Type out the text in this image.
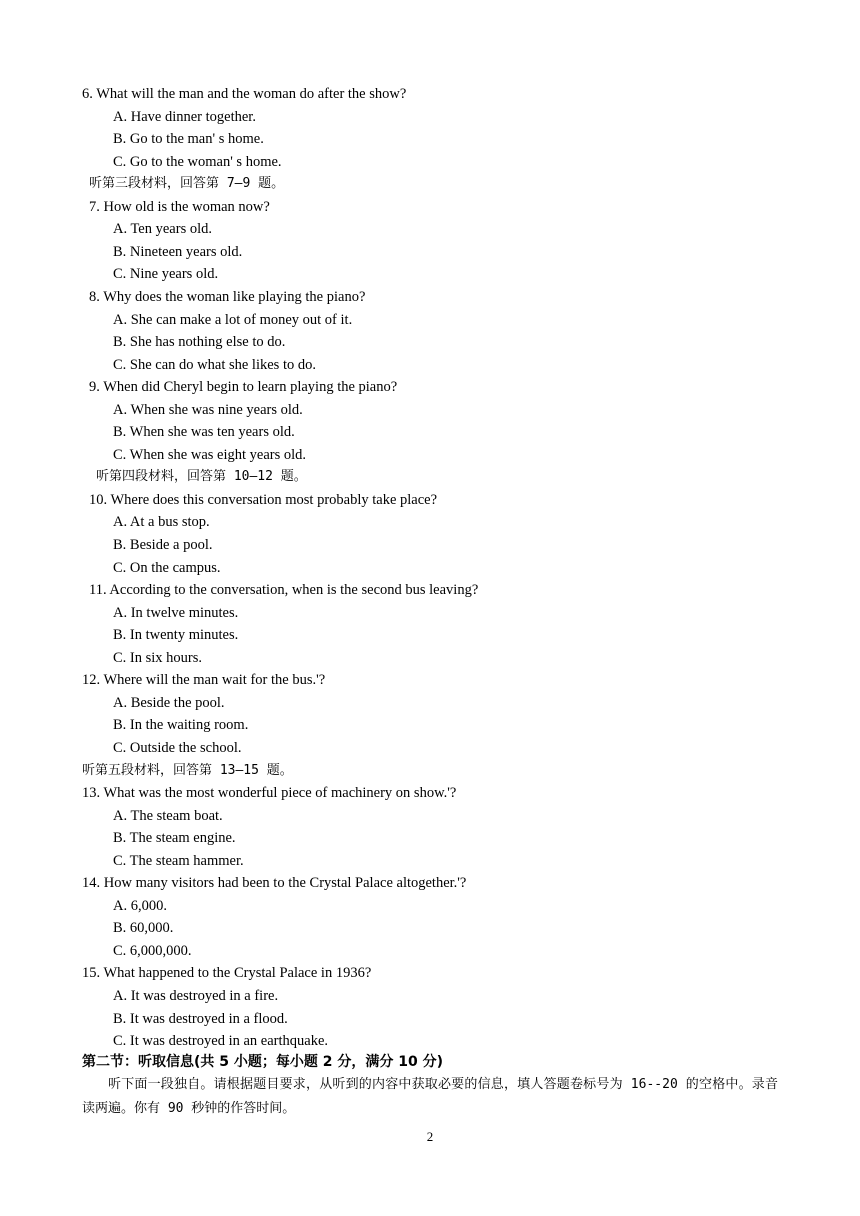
6. What will the man and the woman do after the show?
A. Have dinner together.
B. Go to the man' s home.
C. Go to the woman' s home.
听第三段材料，回答第 7—9 题。
7. How old is the woman now?
A. Ten years old.
B. Nineteen years old.
C. Nine years old.
8. Why does the woman like playing the piano?
A. She can make a lot of money out of it.
B. She has nothing else to do.
C. She can do what she likes to do.
9. When did Cheryl begin to learn playing the piano?
A. When she was nine years old.
B. When she was ten years old.
C. When she was eight years old.
听第四段材料，回答第 10—12 题。
10. Where does this conversation most probably take place?
A. At a bus stop.
B. Beside a pool.
C. On the campus.
11. According to the conversation, when is the second bus leaving?
A. In twelve minutes.
B. In twenty minutes.
C. In six hours.
12. Where will the man wait for the bus.'?
A. Beside the pool.
B. In the waiting room.
C. Outside the school.
听第五段材料，回答第 13—15 题。
13. What was the most wonderful piece of machinery on show.'?
A. The steam boat.
B. The steam engine.
C. The steam hammer.
14. How many visitors had been to the Crystal Palace altogether.'?
A. 6,000.
B. 60,000.
C. 6,000,000.
15. What happened to the Crystal Palace in 1936?
A. It was destroyed in a fire.
B. It was destroyed in a flood.
C. It was destroyed in an earthquake.
第二节：听取信息(共 5 小题；每小题 2 分，满分 10 分)
听下面一段独自。请根据题目要求，从听到的内容中获取必要的信息，填人答题卷标号为 16--20 的空格中。录音读两遍。你有 90 秒钟的作答时间。
2
